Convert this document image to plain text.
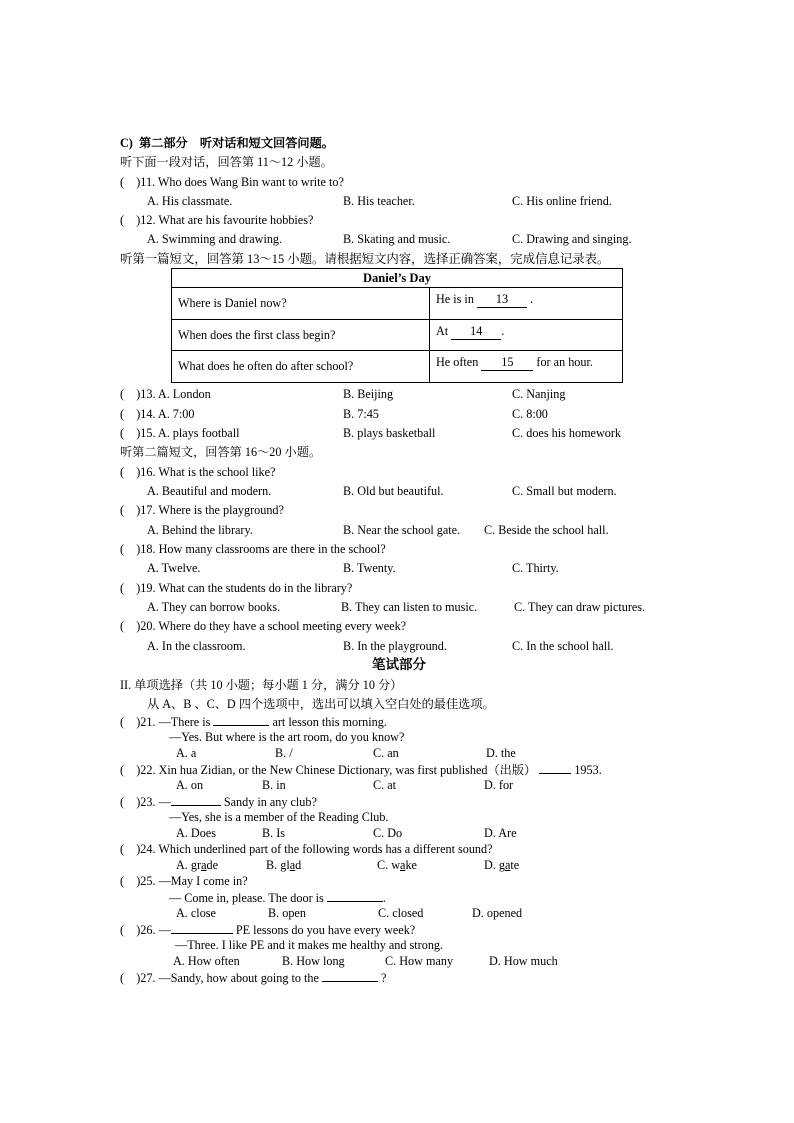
C) 第二部分　听对话和短文回答问题。
听下面一段对话，回答第 11～12 小题。
( )11. Who does Wang Bin want to write to?
A. His classmate.	B. His teacher.	C. His online friend.
( )12. What are his favourite hobbies?
A. Swimming and drawing.	B. Skating and music.	C. Drawing and singing.
听第一篇短文，回答第 13～15 小题。请根据短文内容，选择正确答案，完成信息记录表。
Daniel’s Day	
Where is Daniel now?	He is in 13 .
When does the first class begin?	At 14 .
What does he often do after school?	He often 15 for an hour.
( )13. A. London	B. Beijing	C. Nanjing
( )14. A. 7:00	B. 7:45	C. 8:00
( )15. A. plays football	B. plays basketball	C. does his homework
听第二篇短文，回答第 16～20 小题。
( )16. What is the school like?
A. Beautiful and modern.	B. Old but beautiful.	C. Small but modern.
( )17. Where is the playground?
A. Behind the library.	B. Near the school gate. C. Beside the school hall.
( )18. How many classrooms are there in the school?
A. Twelve.	B. Twenty.	C. Thirty.
( )19. What can the students do in the library?
A. They can borrow books.	B. They can listen to music.	C. They can draw pictures.
( )20. Where do they have a school meeting every week?
A. In the classroom.	B. In the playground.	C. In the school hall.
笔试部分
II. 单项选择（共 10 小题；每小题 1 分，满分 10 分）
从 A、B 、C、D 四个选项中，选出可以填入空白处的最佳选项。
( )21. —There is	art lesson this morning.
—Yes. But where is the art room, do you know?
A. a	B. /	C. an	D. the
( )22. Xin hua Zidian, or the New Chinese Dictionary, was first published（出版）	1953.
A. on	B. in	C. at	D. for
( )23. —	Sandy in any club?
—Yes, she is a member of the Reading Club.
A. Does	B. Is	C. Do	D. Are
( )24. Which underlined part of the following words has a different sound?
A. grade	B. glad	C. wake	D. gate
( )25. —May I come in?
— Come in, please. The door is	.
A. close	B. open	C. closed	D. opened
( )26. —	PE lessons do you have every week?
—Three. I like PE and it makes me healthy and strong.
A. How often	B. How long	C. How many	D. How much
( )27. —Sandy, how about going to the	?
